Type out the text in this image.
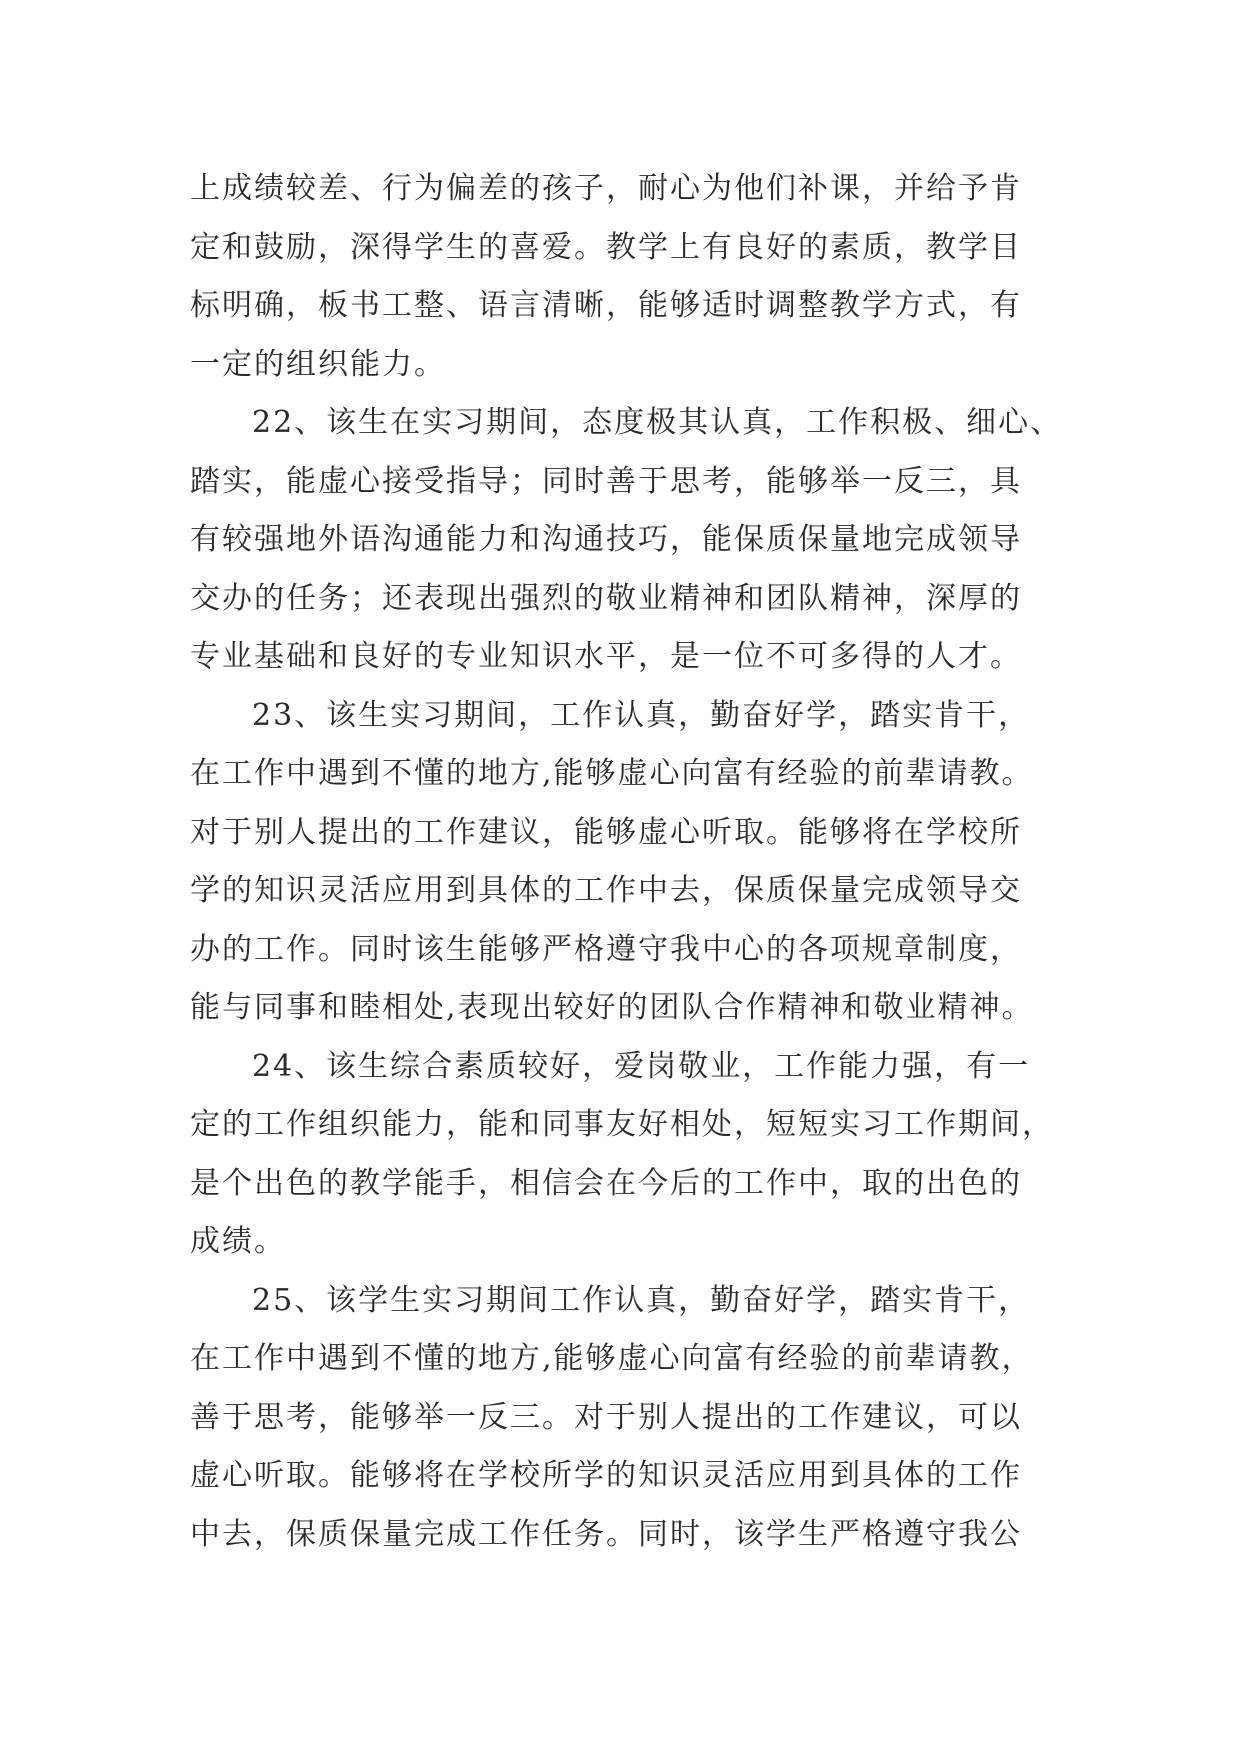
上成绩较差、行为偏差的孩子，耐心为他们补课，并给予肯
定和鼓励，深得学生的喜爱。教学上有良好的素质，教学目
标明确，板书工整、语言清晰，能够适时调整教学方式，有
一定的组织能力。
22、该生在实习期间，态度极其认真，工作积极、细心、
踏实，能虚心接受指导；同时善于思考，能够举一反三，具
有较强地外语沟通能力和沟通技巧，能保质保量地完成领导
交办的任务；还表现出强烈的敬业精神和团队精神，深厚的
专业基础和良好的专业知识水平，是一位不可多得的人才。
23、该生实习期间，工作认真，勤奋好学，踏实肯干，
在工作中遇到不懂的地方,能够虚心向富有经验的前辈请教。
对于别人提出的工作建议，能够虚心听取。能够将在学校所
学的知识灵活应用到具体的工作中去，保质保量完成领导交
办的工作。同时该生能够严格遵守我中心的各项规章制度，
能与同事和睦相处,表现出较好的团队合作精神和敬业精神。
24、该生综合素质较好，爱岗敬业，工作能力强，有一
定的工作组织能力，能和同事友好相处，短短实习工作期间，
是个出色的教学能手，相信会在今后的工作中，取的出色的
成绩。
25、该学生实习期间工作认真，勤奋好学，踏实肯干，
在工作中遇到不懂的地方,能够虚心向富有经验的前辈请教，
善于思考，能够举一反三。对于别人提出的工作建议，可以
虚心听取。能够将在学校所学的知识灵活应用到具体的工作
中去，保质保量完成工作任务。同时，该学生严格遵守我公
